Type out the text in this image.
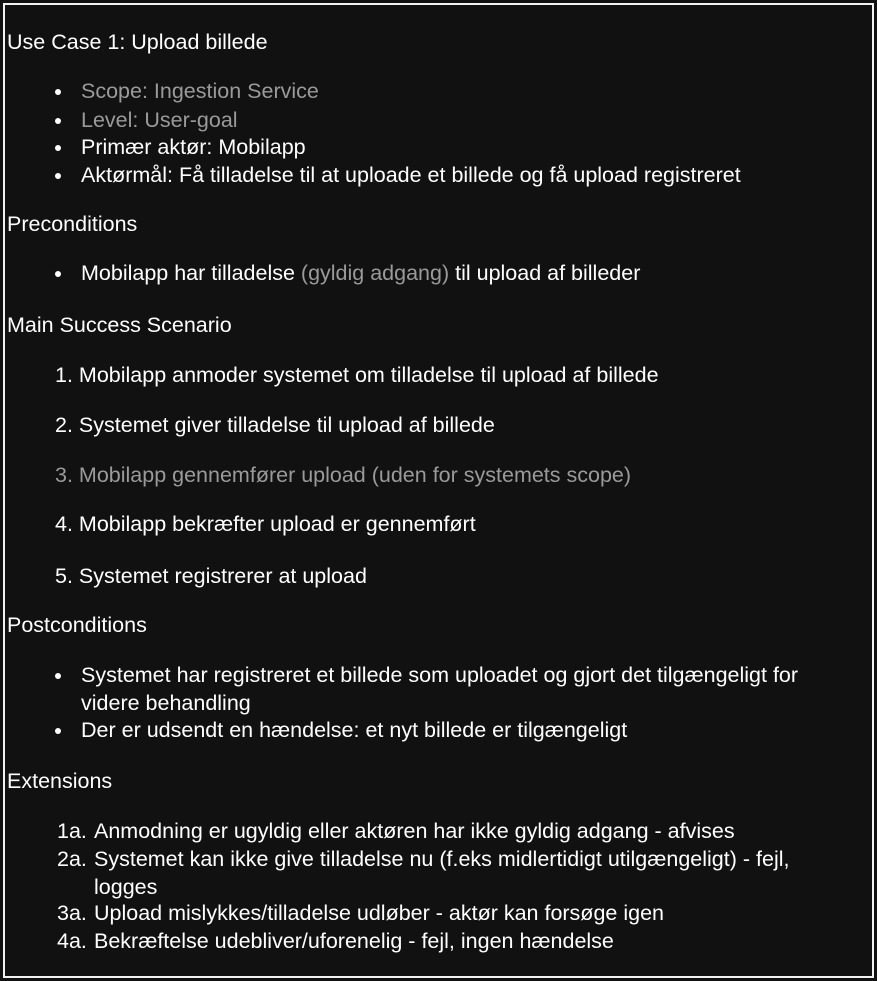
Use Case 1: Upload billede
Scope: Ingestion Service
Level: User-goal
Primær aktør: Mobilapp
Aktørmål: Få tilladelse til at uploade et billede og få upload registreret
Preconditions
Mobilapp har tilladelse (gyldig adgang) til upload af billeder
Main Success Scenario
1. Mobilapp anmoder systemet om tilladelse til upload af billede
2. Systemet giver tilladelse til upload af billede
3. Mobilapp gennemfører upload (uden for systemets scope)
4. Mobilapp bekræfter upload er gennemført
5. Systemet registrerer at upload
Postconditions
Systemet har registreret et billede som uploadet og gjort det tilgængeligt for videre behandling
Der er udsendt en hændelse: et nyt billede er tilgængeligt
Extensions
1a. Anmodning er ugyldig eller aktøren har ikke gyldig adgang - afvises
2a. Systemet kan ikke give tilladelse nu (f.eks midlertidigt utilgængeligt) - fejl, logges
3a. Upload mislykkes/tilladelse udløber - aktør kan forsøge igen
4a. Bekræftelse udebliver/uforenelig - fejl, ingen hændelse
